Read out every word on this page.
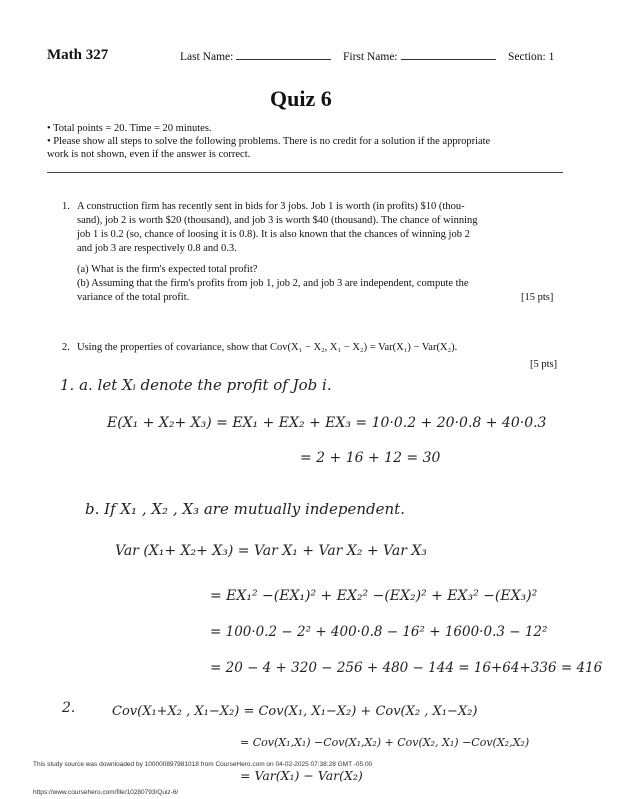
Math 327	Last Name:	First Name:	Section: 1
Quiz 6
• Total points = 20. Time = 20 minutes.
• Please show all steps to solve the following problems. There is no credit for a solution if the appropriate
work is not shown, even if the answer is correct.
1. A construction firm has recently sent in bids for 3 jobs. Job 1 is worth (in profits) $10 (thou-
sand), job 2 is worth $20 (thousand), and job 3 is worth $40 (thousand). The chance of winning
job 1 is 0.2 (so, chance of loosing it is 0.8). It is also known that the chances of winning job 2
and job 3 are respectively 0.8 and 0.3.
(a) What is the firm's expected total profit?
(b) Assuming that the firm's profits from job 1, job 2, and job 3 are independent, compute the
variance of the total profit.	[15 pts]
2. Using the properties of covariance, show that Cov(X₁ − X₂, X₁ − X₂) = Var(X₁) − Var(X₂).
[5 pts]
1. a. let Xᵢ denote the profit of Job i.
E(X₁ + X₂+ X₃) = EX₁ + EX₂ + EX₃ = 10·0.2 + 20·0.8 + 40·0.3
= 2 + 16 + 12 = 30
b. If X₁ , X₂ , X₃ are mutually independent.
Var (X₁+ X₂+ X₃) = Var X₁ + Var X₂ + Var X₃
= EX₁² −(EX₁)² + EX₂² −(EX₂)² + EX₃² −(EX₃)²
= 100·0.2 − 2² + 400·0.8 − 16² + 1600·0.3 − 12²
= 20 − 4 + 320 − 256 + 480 − 144 = 16+64+336 = 416
2.	Cov(X₁+X₂ , X₁−X₂) = Cov(X₁, X₁−X₂) + Cov(X₂ , X₁−X₂)
= Cov(X₁,X₁) −Cov(X₁,X₂) + Cov(X₂, X₁) −Cov(X₂,X₂)
= Var(X₁) − Var(X₂)
This study source was downloaded by 100000897981018 from CourseHero.com on 04-02-2025 07:38:28 GMT -05:00
https://www.coursehero.com/file/10280793/Quiz-6/
